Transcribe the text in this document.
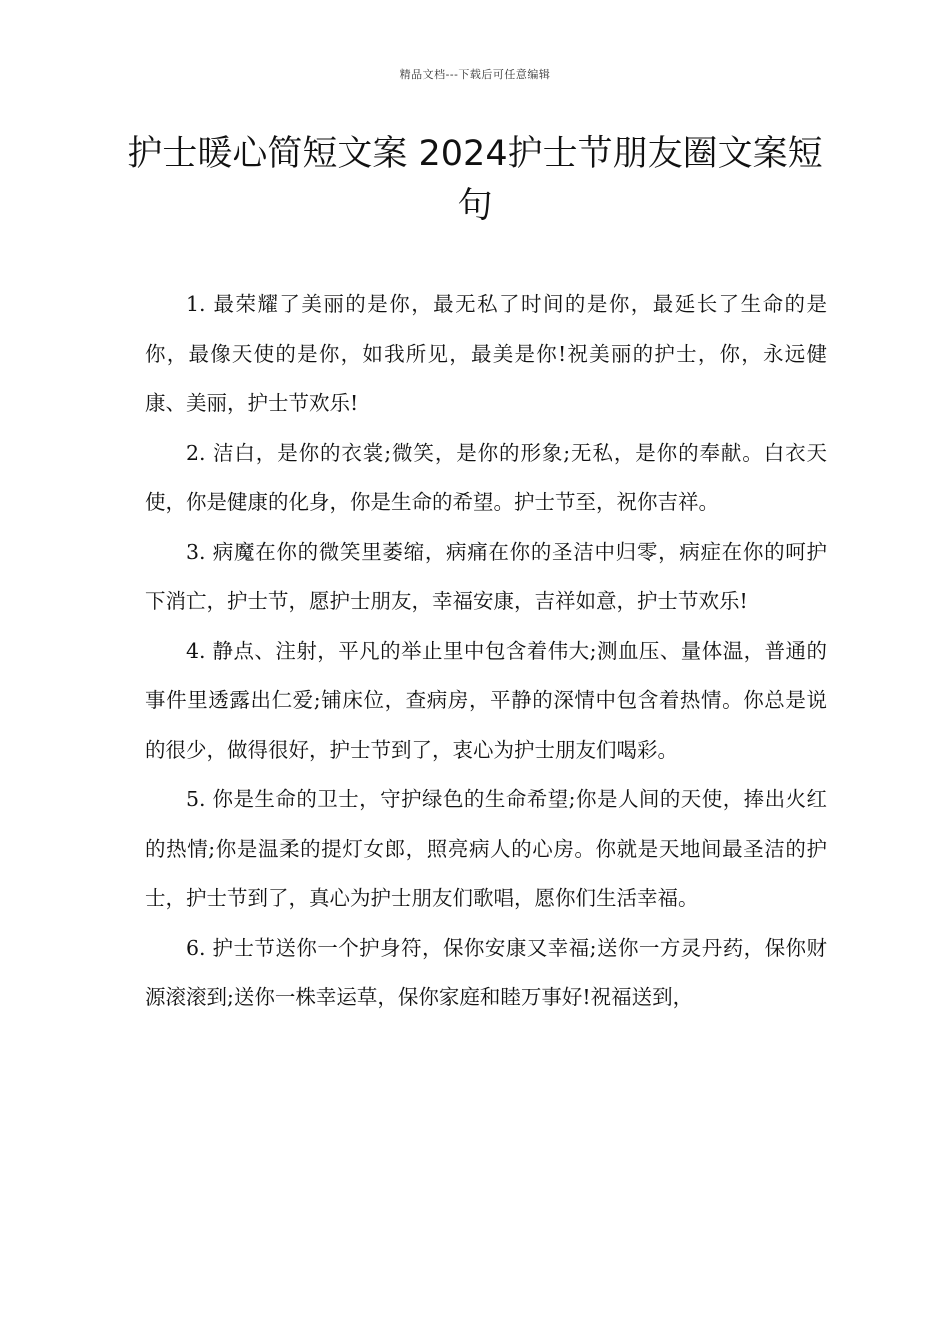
精品文档---下载后可任意编辑
护士暖心简短文案 2024护士节朋友圈文案短句

1. 最荣耀了美丽的是你，最无私了时间的是你，最延长了生命的是你，最像天使的是你，如我所见，最美是你!祝美丽的护士，你，永远健康、美丽，护士节欢乐!

2. 洁白，是你的衣裳;微笑，是你的形象;无私，是你的奉献。白衣天使，你是健康的化身，你是生命的希望。护士节至，祝你吉祥。

3. 病魔在你的微笑里萎缩，病痛在你的圣洁中归零，病症在你的呵护下消亡，护士节，愿护士朋友，幸福安康，吉祥如意，护士节欢乐!

4. 静点、注射，平凡的举止里中包含着伟大;测血压、量体温，普通的事件里透露出仁爱;铺床位，查病房，平静的深情中包含着热情。你总是说的很少，做得很好，护士节到了，衷心为护士朋友们喝彩。

5. 你是生命的卫士，守护绿色的生命希望;你是人间的天使，捧出火红的热情;你是温柔的提灯女郎，照亮病人的心房。你就是天地间最圣洁的护士，护士节到了，真心为护士朋友们歌唱，愿你们生活幸福。

6. 护士节送你一个护身符，保你安康又幸福;送你一方灵丹药，保你财源滚滚到;送你一株幸运草，保你家庭和睦万事好!祝福送到，
